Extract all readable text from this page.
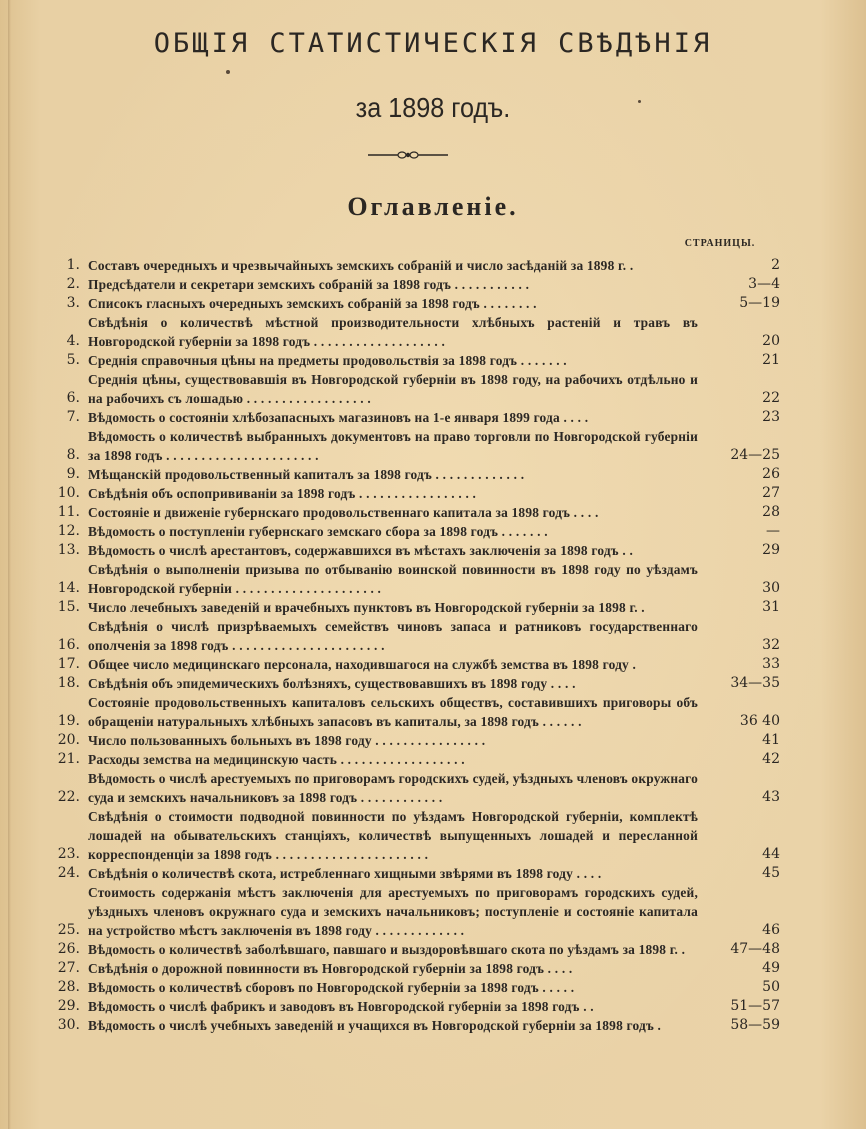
ОБЩІЯ СТАТИСТИЧЕСКІЯ СВѢДѢНІЯ
за 1898 годъ.
Оглавленіе.
СТРАНИЦЫ.
1. Составъ очередныхъ и чрезвычайныхъ земскихъ собраній и число засѣданій за 1898 г. .	2
2. Предсѣдатели и секретари земскихъ собраній за 1898 годъ . . . . . . . . . . .	3—4
3. Списокъ гласныхъ очередныхъ земскихъ собраній за 1898 годъ . . . . . . . .	5—19
4.
Свѣдѣнія о количествѣ мѣстной производительности хлѣбныхъ растеній и травъ въ Новгородской губерніи за 1898 годъ . . . . . . . . . . . . . . . . . . .	20
5. Среднія справочныя цѣны на предметы продовольствія за 1898 годъ . . . . . . .	21
6.
Среднія цѣны, существовавшія въ Новгородской губерніи въ 1898 году, на рабочихъ отдѣльно и на рабочихъ съ лошадью . . . . . . . . . . . . . . . . . .	22
7. Вѣдомость о состояніи хлѣбозапасныхъ магазиновъ на 1-е января 1899 года . . . .	23
8.
Вѣдомость о количествѣ выбранныхъ документовъ на право торговли по Новгородской губерніи за 1898 годъ . . . . . . . . . . . . . . . . . . . . . .	24—25
9. Мѣщанскій продовольственный капиталъ за 1898 годъ . . . . . . . . . . . . .	26
10. Свѣдѣнія объ оспопрививаніи за 1898 годъ . . . . . . . . . . . . . . . . .	27
11. Состояніе и движеніе губернскаго продовольственнаго капитала за 1898 годъ . . . .	28
12. Вѣдомость о поступленіи губернскаго земскаго сбора за 1898 годъ . . . . . . .	—
13. Вѣдомость о числѣ арестантовъ, содержавшихся въ мѣстахъ заключенія за 1898 годъ . .	29
14.
Свѣдѣнія о выполненіи призыва по отбыванію воинской повинности въ 1898 году по уѣздамъ Новгородской губерніи . . . . . . . . . . . . . . . . . . . . .	30
15. Число лечебныхъ заведеній и врачебныхъ пунктовъ въ Новгородской губерніи за 1898 г. .	31
16.
Свѣдѣнія о числѣ призрѣваемыхъ семействъ чиновъ запаса и ратниковъ государственнаго ополченія за 1898 годъ . . . . . . . . . . . . . . . . . . . . . .	32
17. Общее число медицинскаго персонала, находившагося на службѣ земства въ 1898 году .	33
18. Свѣдѣнія объ эпидемическихъ болѣзняхъ, существовавшихъ въ 1898 году . . . .	34—35
19.
Состояніе продовольственныхъ капиталовъ сельскихъ обществъ, составившихъ приговоры объ обращеніи натуральныхъ хлѣбныхъ запасовъ въ капиталы, за 1898 годъ . . . . . .	36 40
20. Число пользованныхъ больныхъ въ 1898 году . . . . . . . . . . . . . . . .	41
21. Расходы земства на медицинскую часть . . . . . . . . . . . . . . . . . .	42
22.
Вѣдомость о числѣ арестуемыхъ по приговорамъ городскихъ судей, уѣздныхъ членовъ окружнаго суда и земскихъ начальниковъ за 1898 годъ . . . . . . . . . . . .	43
23.
Свѣдѣнія о стоимости подводной повинности по уѣздамъ Новгородской губерніи, комплектѣ лошадей на обывательскихъ станціяхъ, количествѣ выпущенныхъ лошадей и пересланной корреспонденціи за 1898 годъ . . . . . . . . . . . . . . . . . . . . . .	44
24. Свѣдѣнія о количествѣ скота, истребленнаго хищными звѣрями въ 1898 году . . . .	45
25.
Стоимость содержанія мѣстъ заключенія для арестуемыхъ по приговорамъ городскихъ судей, уѣздныхъ членовъ окружнаго суда и земскихъ начальниковъ; поступленіе и состояніе капитала на устройство мѣстъ заключенія въ 1898 году . . . . . . . . . . . . .	46
26. Вѣдомость о количествѣ заболѣвшаго, павшаго и выздоровѣвшаго скота по уѣздамъ за 1898 г. .	47—48
27. Свѣдѣнія о дорожной повинности въ Новгородской губерніи за 1898 годъ . . . .	49
28. Вѣдомость о количествѣ сборовъ по Новгородской губерніи за 1898 годъ . . . . .	50
29. Вѣдомость о числѣ фабрикъ и заводовъ въ Новгородской губерніи за 1898 годъ . .	51—57
30. Вѣдомость о числѣ учебныхъ заведеній и учащихся въ Новгородской губерніи за 1898 годъ .	58—59
